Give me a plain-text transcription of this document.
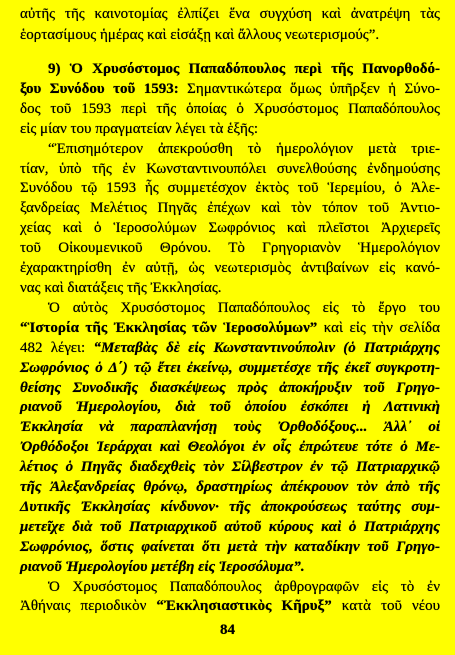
αὐτῆς τῆς καινοτομίας ἐλπίζει ἕνα συγχύση καὶ ἀνατρέψη τὰς
ἑορτασίμους ἡμέρας καὶ εἰσάξῃ καὶ ἄλλους νεωτερισμούς”.
9) Ὁ Χρυσόστομος Παπαδόπουλος περὶ τῆς Πανορθοδό-
ξου Συνόδου τοῦ 1593: Σημαντικώτερα ὅμως ὑπῆρξεν ἡ Σύνο-
δος τοῦ 1593 περὶ τῆς ὁποίας ὁ Χρυσόστομος Παπαδόπουλος
εἰς μίαν του πραγματείαν λέγει τὰ ἑξῆς:
“Ἐπισημότερον ἀπεκρούσθη τὸ ἡμερολόγιον μετὰ τριε-
τίαν, ὑπὸ τῆς ἐν Κωνσταντινουπόλει συνελθούσης ἐνδημούσης
Συνόδου τῷ 1593 ἧς συμμετέσχον ἐκτὸς τοῦ Ἱερεμίου, ὁ Ἀλε-
ξανδρείας Μελέτιος Πηγᾶς ἐπέχων καὶ τὸν τόπον τοῦ Ἀντιο-
χείας καὶ ὁ Ἱεροσολύμων Σωφρόνιος καὶ πλεῖστοι Ἀρχιερεῖς
τοῦ Οἰκουμενικοῦ Θρόνου. Τὸ Γρηγοριανὸν Ἡμερολόγιον
ἐχαρακτηρίσθη ἐν αὐτῇ, ὡς νεωτερισμὸς ἀντιβαίνων εἰς κανό-
νας καὶ διατάξεις τῆς Ἐκκλησίας.
Ὁ αὐτὸς Χρυσόστομος Παπαδόπουλος εἰς τὸ ἔργο του
“Ἱστορία τῆς Ἐκκλησίας τῶν Ἱεροσολύμων” καὶ εἰς τὴν σελίδα
482 λέγει: “Μεταβὰς δὲ εἰς Κωνσταντινούπολιν (ὁ Πατριάρχης
Σωφρόνιος ὁ Δ΄) τῷ ἔτει ἐκείνῳ, συμμετέσχε τῆς ἐκεῖ συγκροτη-
θείσης Συνοδικῆς διασκέψεως πρὸς ἀποκήρυξιν τοῦ Γρηγο-
ριανοῦ Ἡμερολογίου, διὰ τοῦ ὁποίου ἐσκόπει ἡ Λατινικὴ
Ἐκκλησία νὰ παραπλανήσῃ τοὺς Ὀρθοδόξους... Ἀλλ᾽ οἱ
Ὀρθόδοξοι Ἱεράρχαι καὶ Θεολόγοι ἐν οἷς ἐπρώτευε τότε ὁ Με-
λέτιος ὁ Πηγᾶς διαδεχθεὶς τὸν Σίλβεστρον ἐν τῷ Πατριαρχικῷ
τῆς Ἀλεξανδρείας θρόνῳ, δραστηρίως ἀπέκρουον τὸν ἀπὸ τῆς
Δυτικῆς Ἐκκλησίας κίνδυνον· τῆς ἀποκρούσεως ταύτης συμ-
μετεῖχε διὰ τοῦ Πατριαρχικοῦ αὐτοῦ κύρους καὶ ὁ Πατριάρχης
Σωφρόνιος, ὅστις φαίνεται ὅτι μετὰ τὴν καταδίκην τοῦ Γρηγο-
ριανοῦ Ἡμερολογίου μετέβη εἰς Ἱεροσόλυμα”.
Ὁ Χρυσόστομος Παπαδόπουλος ἀρθρογραφῶν εἰς τὸ ἐν
Ἀθήναις περιοδικὸν “Ἐκκλησιαστικὸς Κῆρυξ” κατὰ τοῦ νέου
84
